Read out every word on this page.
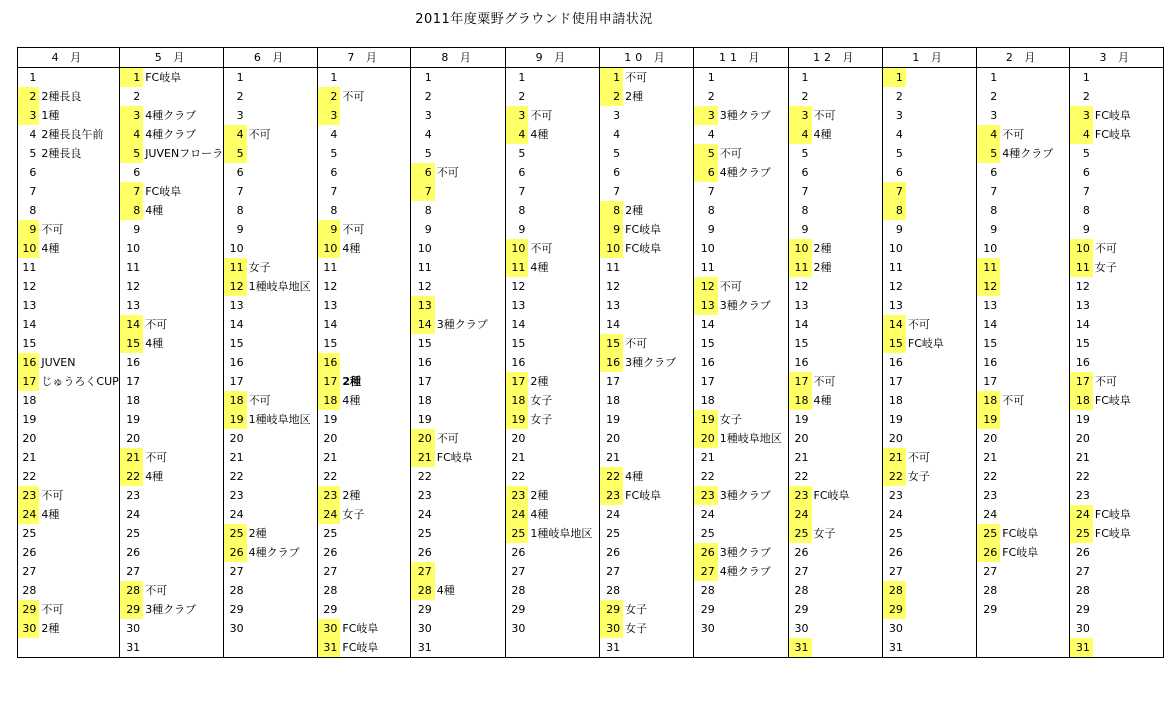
2011年度粟野グラウンド使用申請状況
4 月		5 月		6 月		7 月		8 月		9 月		10 月		11 月		12 月		1 月		2 月		3 月	
1		1	FC岐阜	1		1		1		1		1	不可	1		1		1		1		1	
2	2種長良	2		2		2	不可	2		2		2	2種	2		2		2		2		2	
3	1種	3	4種クラブ	3		3		3		3	不可	3		3	3種クラブ	3	不可	3		3		3	FC岐阜
4	2種長良午前	4	4種クラブ	4	不可	4		4		4	4種	4		4		4	4種	4		4	不可	4	FC岐阜
5	2種長良	5	JUVENフローラ	5		5		5		5		5		5	不可	5		5		5	4種クラブ	5	
6		6		6		6		6	不可	6		6		6	4種クラブ	6		6		6		6	
7		7	FC岐阜	7		7		7		7		7		7		7		7		7		7	
8		8	4種	8		8		8		8		8	2種	8		8		8		8		8	
9	不可	9		9		9	不可	9		9		9	FC岐阜	9		9		9		9		9	
10	4種	10		10		10	4種	10		10	不可	10	FC岐阜	10		10	2種	10		10		10	不可
11		11		11	女子	11		11		11	4種	11		11		11	2種	11		11		11	女子
12		12		12	1種岐阜地区	12		12		12		12		12	不可	12		12		12		12	
13		13		13		13		13		13		13		13	3種クラブ	13		13		13		13	
14		14	不可	14		14		14	3種クラブ	14		14		14		14		14	不可	14		14	
15		15	4種	15		15		15		15		15	不可	15		15		15	FC岐阜	15		15	
16	JUVEN	16		16		16		16		16		16	3種クラブ	16		16		16		16		16	
17	じゅうろくCUP	17		17		17	2種	17		17	2種	17		17		17	不可	17		17		17	不可
18		18		18	不可	18	4種	18		18	女子	18		18		18	4種	18		18	不可	18	FC岐阜
19		19		19	1種岐阜地区	19		19		19	女子	19		19	女子	19		19		19		19	
20		20		20		20		20	不可	20		20		20	1種岐阜地区	20		20		20		20	
21		21	不可	21		21		21	FC岐阜	21		21		21		21		21	不可	21		21	
22		22	4種	22		22		22		22		22	4種	22		22		22	女子	22		22	
23	不可	23		23		23	2種	23		23	2種	23	FC岐阜	23	3種クラブ	23	FC岐阜	23		23		23	
24	4種	24		24		24	女子	24		24	4種	24		24		24		24		24		24	FC岐阜
25		25		25	2種	25		25		25	1種岐阜地区	25		25		25	女子	25		25	FC岐阜	25	FC岐阜
26		26		26	4種クラブ	26		26		26		26		26	3種クラブ	26		26		26	FC岐阜	26	
27		27		27		27		27		27		27		27	4種クラブ	27		27		27		27	
28		28	不可	28		28		28	4種	28		28		28		28		28		28		28	
29	不可	29	3種クラブ	29		29		29		29		29	女子	29		29		29		29		29	
30	2種	30		30		30	FC岐阜	30		30		30	女子	30		30		30				30	
		31				31	FC岐阜	31				31				31		31				31	
